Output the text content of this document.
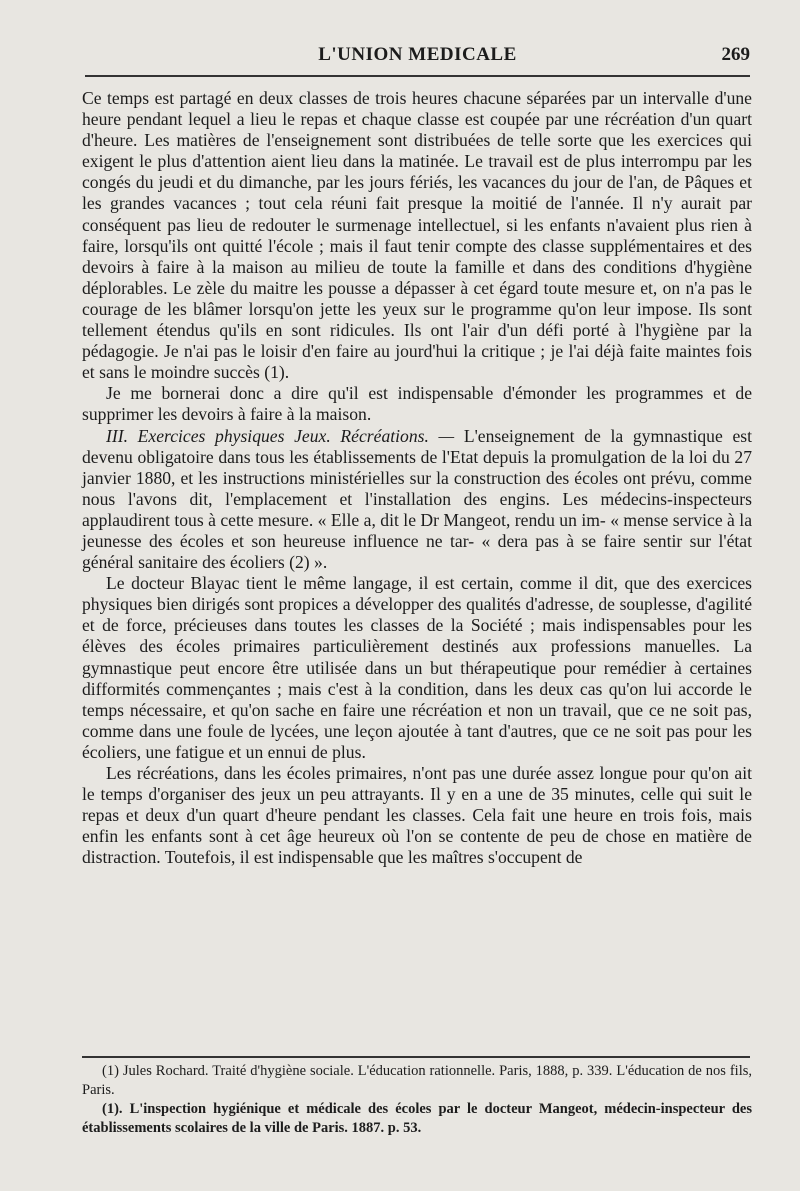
L'UNION MEDICALE	269

Ce temps est partagé en deux classes de trois heures chacune séparées par un intervalle d'une heure pendant lequel a lieu le repas et chaque classe est coupée par une récréation d'un quart d'heure. Les matières de l'enseignement sont distribuées de telle sorte que les exercices qui exigent le plus d'attention aient lieu dans la matinée. Le travail est de plus interrompu par les congés du jeudi et du dimanche, par les jours fériés, les vacances du jour de l'an, de Pâques et les grandes vacances ; tout cela réuni fait presque la moitié de l'année. Il n'y aurait par conséquent pas lieu de redouter le surmenage intellectuel, si les enfants n'avaient plus rien à faire, lorsqu'ils ont quitté l'école ; mais il faut tenir compte des classe supplémentaires et des devoirs à faire à la maison au milieu de toute la famille et dans des conditions d'hygiène déplorables. Le zèle du maitre les pousse a dépasser à cet égard toute mesure et, on n'a pas le courage de les blâmer lorsqu'on jette les yeux sur le programme qu'on leur impose. Ils sont tellement étendus qu'ils en sont ridicules. Ils ont l'air d'un défi porté à l'hygiène par la pédagogie. Je n'ai pas le loisir d'en faire au jourd'hui la critique ; je l'ai déjà faite maintes fois et sans le moindre succès (1).

Je me bornerai donc a dire qu'il est indispensable d'émonder les programmes et de supprimer les devoirs à faire à la maison.

III. Exercices physiques Jeux. Récréations. — L'enseignement de la gymnastique est devenu obligatoire dans tous les établissements de l'Etat depuis la promulgation de la loi du 27 janvier 1880, et les instructions ministérielles sur la construction des écoles ont prévu, comme nous l'avons dit, l'emplacement et l'installation des engins. Les médecins-inspecteurs applaudirent tous à cette mesure. « Elle a, dit le Dr Mangeot, rendu un im- « mense service à la jeunesse des écoles et son heureuse influence ne tar- « dera pas à se faire sentir sur l'état général sanitaire des écoliers (2) ».

Le docteur Blayac tient le même langage, il est certain, comme il dit, que des exercices physiques bien dirigés sont propices a développer des qualités d'adresse, de souplesse, d'agilité et de force, précieuses dans toutes les classes de la Société ; mais indispensables pour les élèves des écoles primaires particulièrement destinés aux professions manuelles. La gymnastique peut encore être utilisée dans un but thérapeutique pour remédier à certaines difformités commençantes ; mais c'est à la condition, dans les deux cas qu'on lui accorde le temps nécessaire, et qu'on sache en faire une récréation et non un travail, que ce ne soit pas, comme dans une foule de lycées, une leçon ajoutée à tant d'autres, que ce ne soit pas pour les écoliers, une fatigue et un ennui de plus.

Les récréations, dans les écoles primaires, n'ont pas une durée assez longue pour qu'on ait le temps d'organiser des jeux un peu attrayants. Il y en a une de 35 minutes, celle qui suit le repas et deux d'un quart d'heure pendant les classes. Cela fait une heure en trois fois, mais enfin les enfants sont à cet âge heureux où l'on se contente de peu de chose en matière de distraction. Toutefois, il est indispensable que les maîtres s'occupent de

(1) Jules Rochard. Traité d'hygiène sociale. L'éducation rationnelle. Paris, 1888, p. 339. L'éducation de nos fils, Paris.

(1). L'inspection hygiénique et médicale des écoles par le docteur Mangeot, médecin-inspecteur des établissements scolaires de la ville de Paris. 1887. p. 53.
